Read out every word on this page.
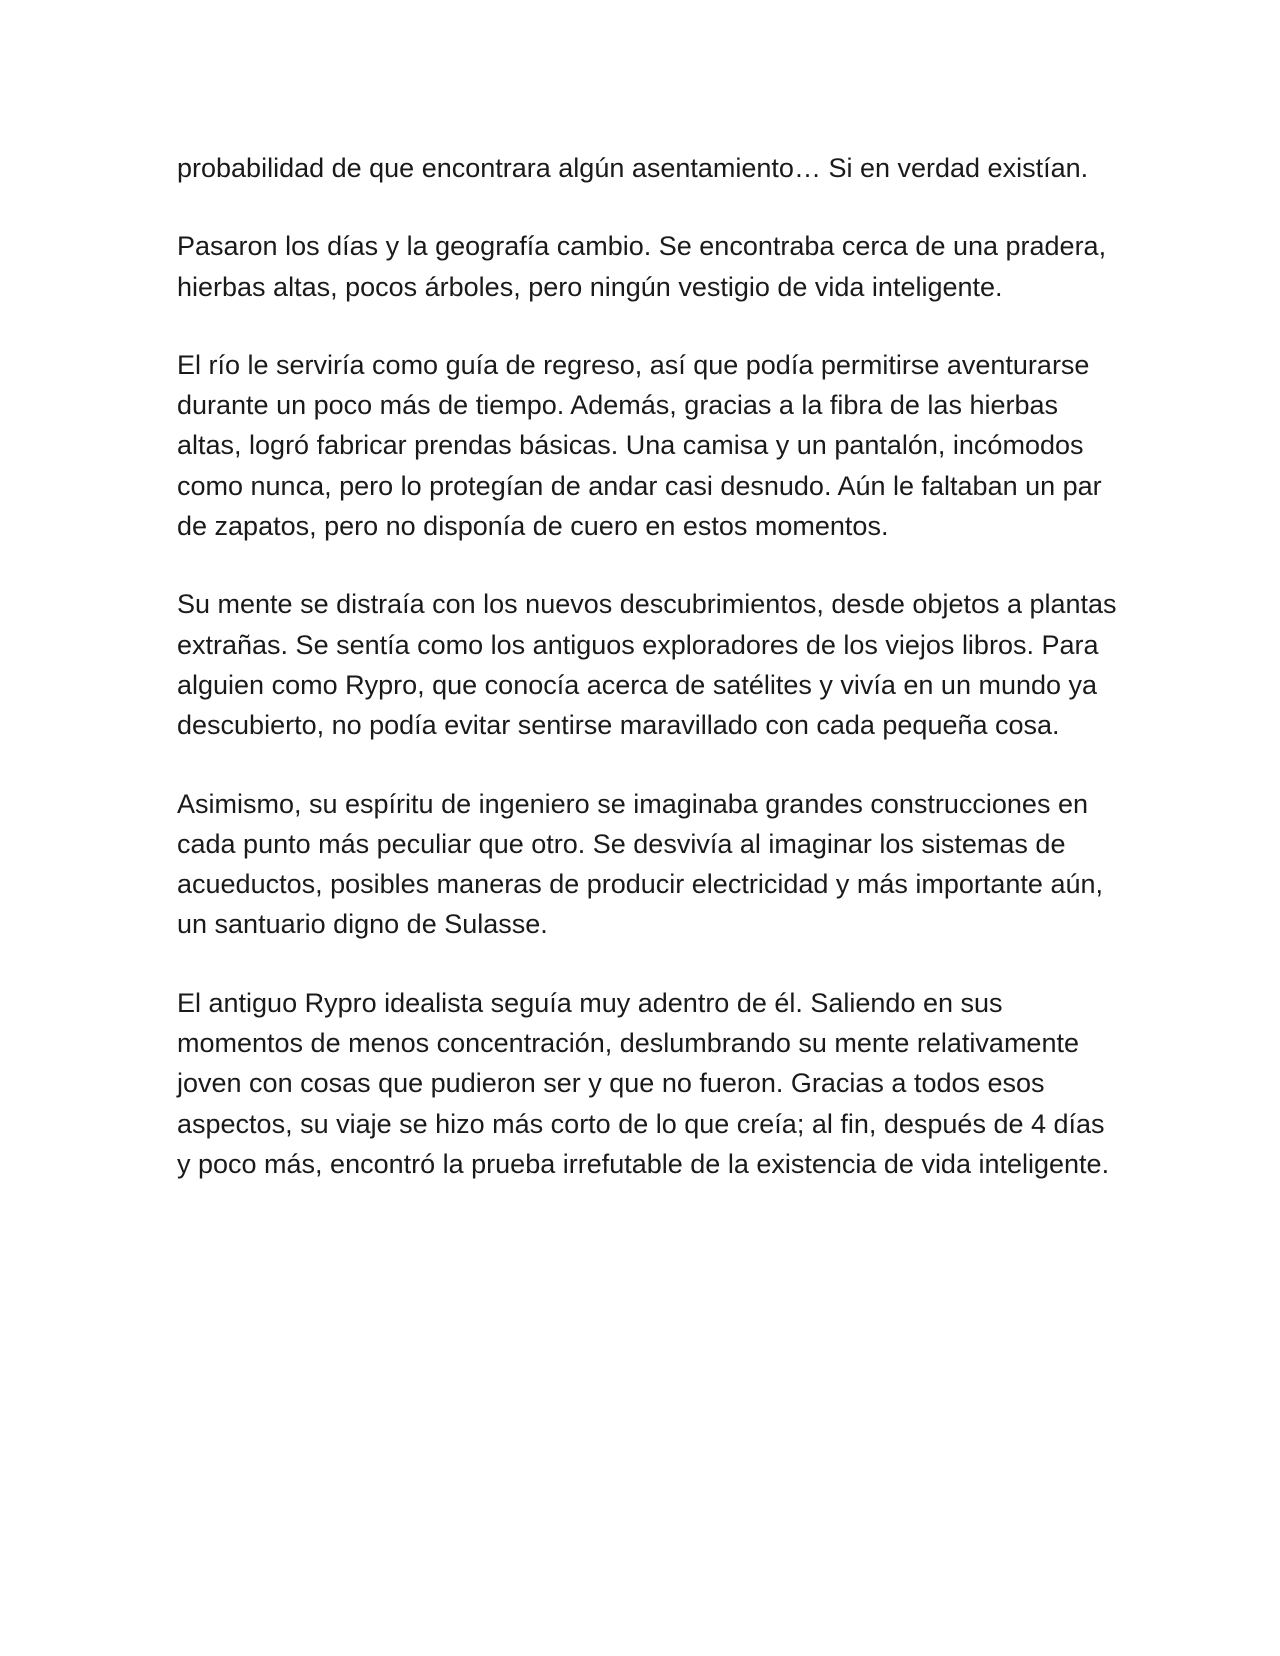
probabilidad de que encontrara algún asentamiento… Si en verdad existían.

Pasaron los días y la geografía cambio. Se encontraba cerca de una pradera, hierbas altas, pocos árboles, pero ningún vestigio de vida inteligente.

El río le serviría como guía de regreso, así que podía permitirse aventurarse durante un poco más de tiempo. Además, gracias a la fibra de las hierbas altas, logró fabricar prendas básicas. Una camisa y un pantalón, incómodos como nunca, pero lo protegían de andar casi desnudo. Aún le faltaban un par de zapatos, pero no disponía de cuero en estos momentos.

Su mente se distraía con los nuevos descubrimientos, desde objetos a plantas extrañas. Se sentía como los antiguos exploradores de los viejos libros. Para alguien como Rypro, que conocía acerca de satélites y vivía en un mundo ya descubierto, no podía evitar sentirse maravillado con cada pequeña cosa.

Asimismo, su espíritu de ingeniero se imaginaba grandes construcciones en cada punto más peculiar que otro. Se desvivía al imaginar los sistemas de acueductos, posibles maneras de producir electricidad y más importante aún, un santuario digno de Sulasse.

El antiguo Rypro idealista seguía muy adentro de él. Saliendo en sus momentos de menos concentración, deslumbrando su mente relativamente joven con cosas que pudieron ser y que no fueron. Gracias a todos esos aspectos, su viaje se hizo más corto de lo que creía; al fin, después de 4 días y poco más, encontró la prueba irrefutable de la existencia de vida inteligente.
